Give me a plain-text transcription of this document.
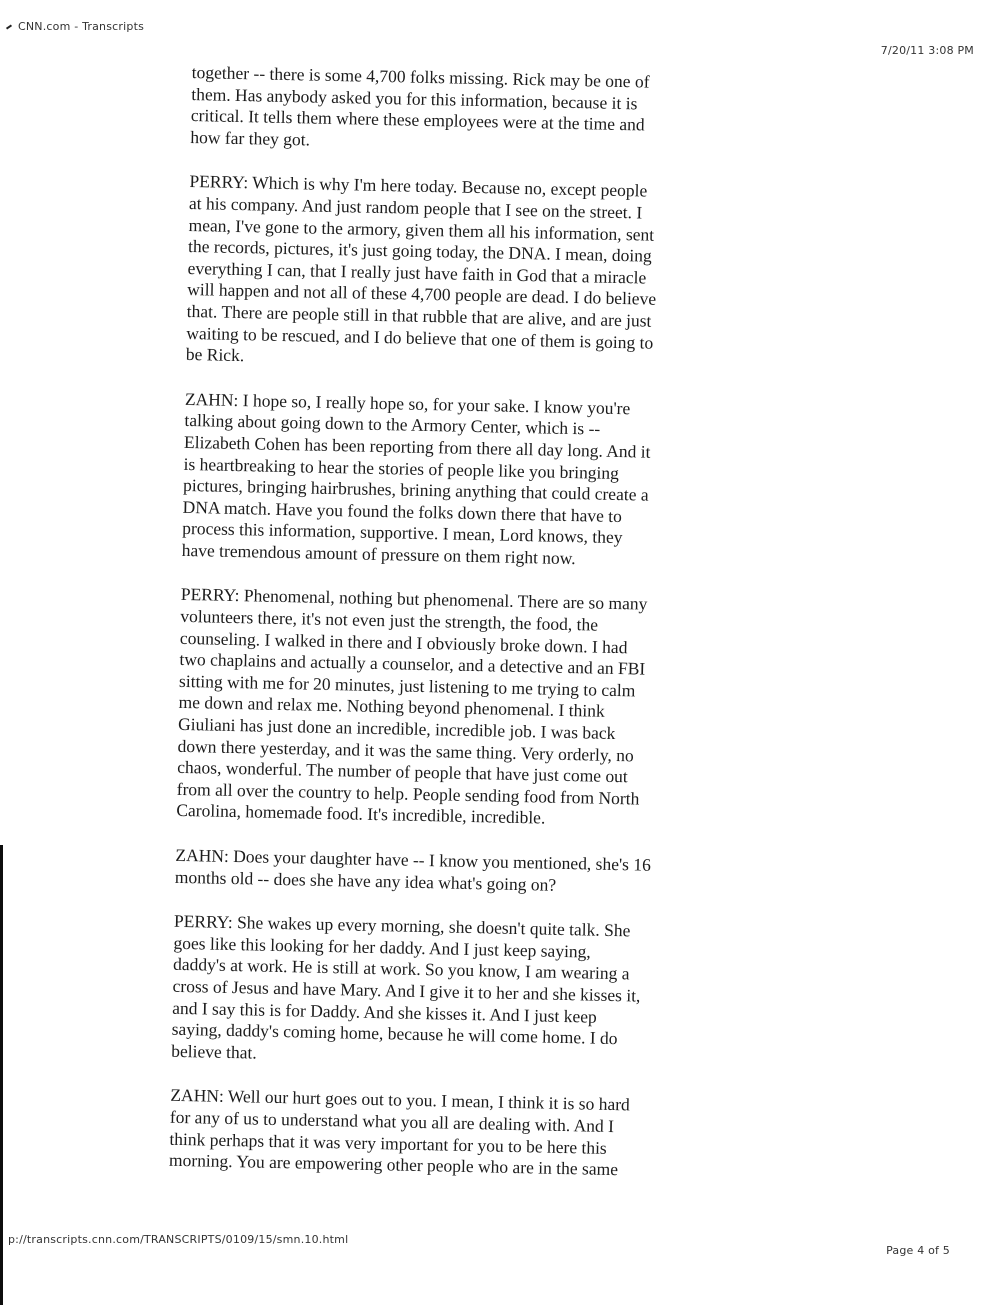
CNN.com - Transcripts
7/20/11 3:08 PM

together -- there is some 4,700 folks missing. Rick may be one of
them. Has anybody asked you for this information, because it is
critical. It tells them where these employees were at the time and
how far they got.

PERRY: Which is why I'm here today. Because no, except people
at his company. And just random people that I see on the street. I
mean, I've gone to the armory, given them all his information, sent
the records, pictures, it's just going today, the DNA. I mean, doing
everything I can, that I really just have faith in God that a miracle
will happen and not all of these 4,700 people are dead. I do believe
that. There are people still in that rubble that are alive, and are just
waiting to be rescued, and I do believe that one of them is going to
be Rick.

ZAHN: I hope so, I really hope so, for your sake. I know you're
talking about going down to the Armory Center, which is --
Elizabeth Cohen has been reporting from there all day long. And it
is heartbreaking to hear the stories of people like you bringing
pictures, bringing hairbrushes, brining anything that could create a
DNA match. Have you found the folks down there that have to
process this information, supportive. I mean, Lord knows, they
have tremendous amount of pressure on them right now.

PERRY: Phenomenal, nothing but phenomenal. There are so many
volunteers there, it's not even just the strength, the food, the
counseling. I walked in there and I obviously broke down. I had
two chaplains and actually a counselor, and a detective and an FBI
sitting with me for 20 minutes, just listening to me trying to calm
me down and relax me. Nothing beyond phenomenal. I think
Giuliani has just done an incredible, incredible job. I was back
down there yesterday, and it was the same thing. Very orderly, no
chaos, wonderful. The number of people that have just come out
from all over the country to help. People sending food from North
Carolina, homemade food. It's incredible, incredible.

ZAHN: Does your daughter have -- I know you mentioned, she's 16
months old -- does she have any idea what's going on?

PERRY: She wakes up every morning, she doesn't quite talk. She
goes like this looking for her daddy. And I just keep saying,
daddy's at work. He is still at work. So you know, I am wearing a
cross of Jesus and have Mary. And I give it to her and she kisses it,
and I say this is for Daddy. And she kisses it. And I just keep
saying, daddy's coming home, because he will come home. I do
believe that.

ZAHN: Well our hurt goes out to you. I mean, I think it is so hard
for any of us to understand what you all are dealing with. And I
think perhaps that it was very important for you to be here this
morning. You are empowering other people who are in the same

p://transcripts.cnn.com/TRANSCRIPTS/0109/15/smn.10.html
Page 4 of 5
